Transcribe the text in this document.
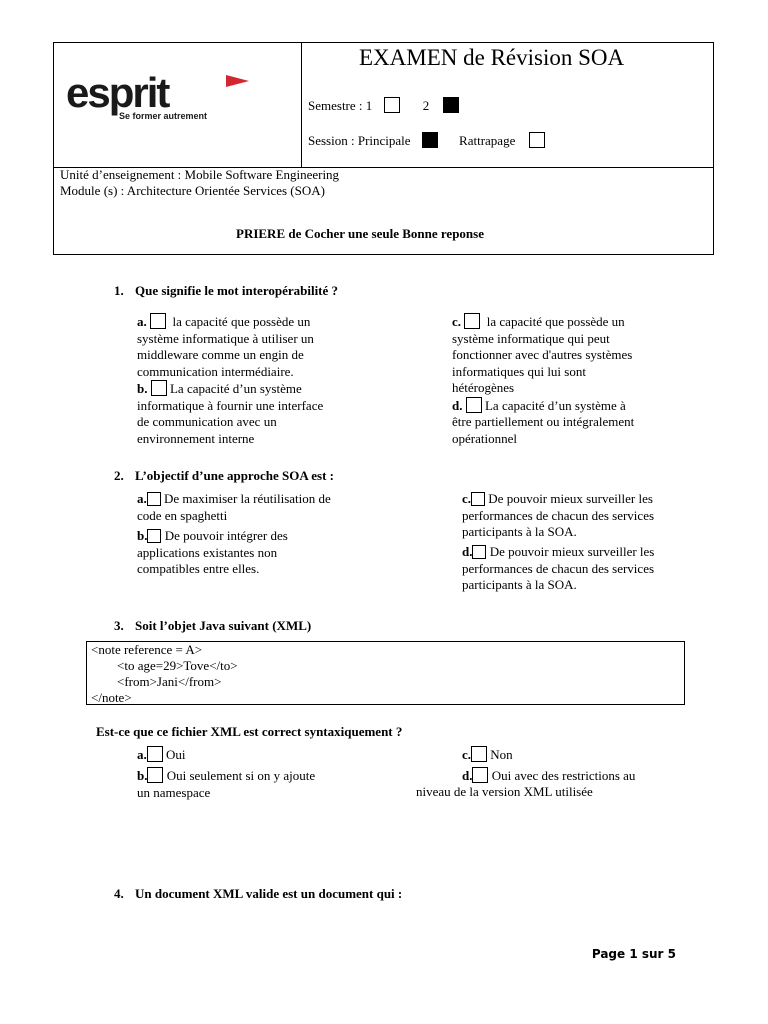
esprit
Se former autrement
EXAMEN de Révision SOA
Semestre : 1	2
Session : Principale	Rattrapage
Unité d’enseignement : Mobile Software Engineering
Module (s) : Architecture Orientée Services (SOA)
PRIERE de Cocher une seule Bonne reponse
1. Que signifie le mot interopérabilité ?
a. la capacité que possède un
système informatique à utiliser un
middleware comme un engin de
communication intermédiaire.
b. La capacité d’un système
informatique à fournir une interface
de communication avec un
environnement interne
c. la capacité que possède un
système informatique qui peut
fonctionner avec d'autres systèmes
informatiques qui lui sont
hétérogènes
d. La capacité d’un système à
être partiellement ou intégralement
opérationnel
2. L’objectif d’une approche SOA est :
a. De maximiser la réutilisation de
code en spaghetti
b. De pouvoir intégrer des
applications existantes non
compatibles entre elles.
c. De pouvoir mieux surveiller les
performances de chacun des services
participants à la SOA.
d. De pouvoir mieux surveiller les
performances de chacun des services
participants à la SOA.
3. Soit l’objet Java suivant (XML)
<note reference = A>
<to age=29>Tove</to>
<from>Jani</from>
</note>
Est-ce que ce fichier XML est correct syntaxiquement ?
a. Oui	c. Non
b. Oui seulement si on y ajoute
un namespace
d. Oui avec des restrictions au
niveau de la version XML utilisée
4. Un document XML valide est un document qui :
Page 1 sur 5
